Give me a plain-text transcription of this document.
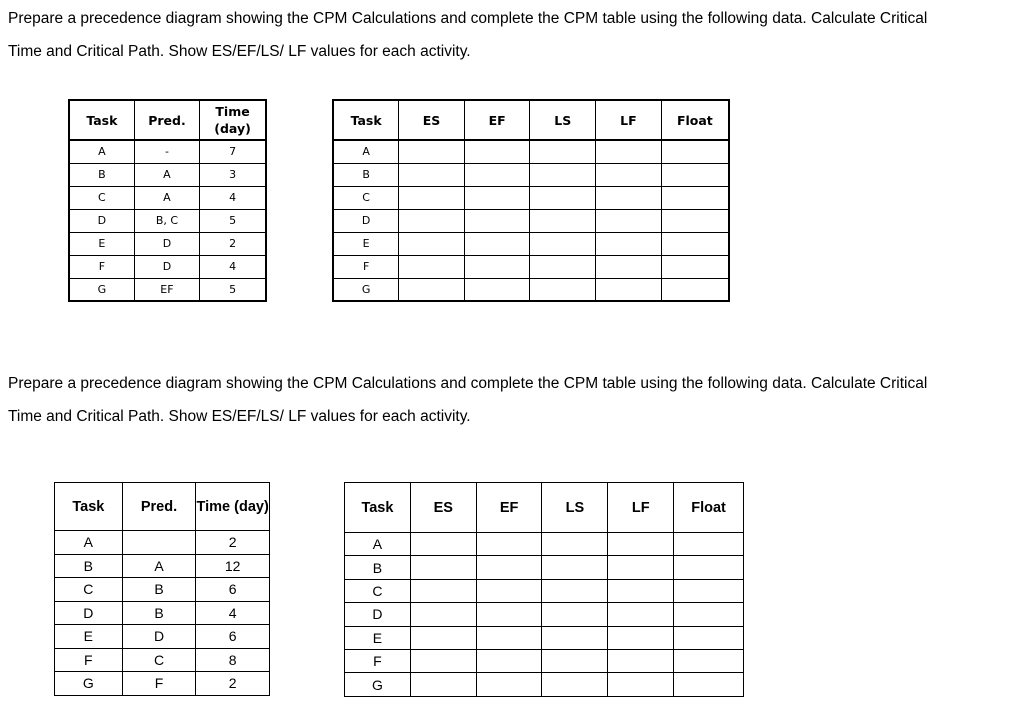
Prepare a precedence diagram showing the CPM Calculations and complete the CPM table using the following data. Calculate Critical

Time and Critical Path. Show ES/EF/LS/ LF values for each activity.

Task	Pred.	Time (day)
A	-	7
B	A	3
C	A	4
D	B, C	5
E	D	2
F	D	4
G	EF	5
Task	ES	EF	LS	LF	Float
A					
B					
C					
D					
E					
F					
G					

Prepare a precedence diagram showing the CPM Calculations and complete the CPM table using the following data. Calculate Critical

Time and Critical Path. Show ES/EF/LS/ LF values for each activity.

Task	Pred.	Time (day)
A		2
B	A	12
C	B	6
D	B	4
E	D	6
F	C	8
G	F	2
Task	ES	EF	LS	LF	Float
A					
B					
C					
D					
E					
F					
G					
